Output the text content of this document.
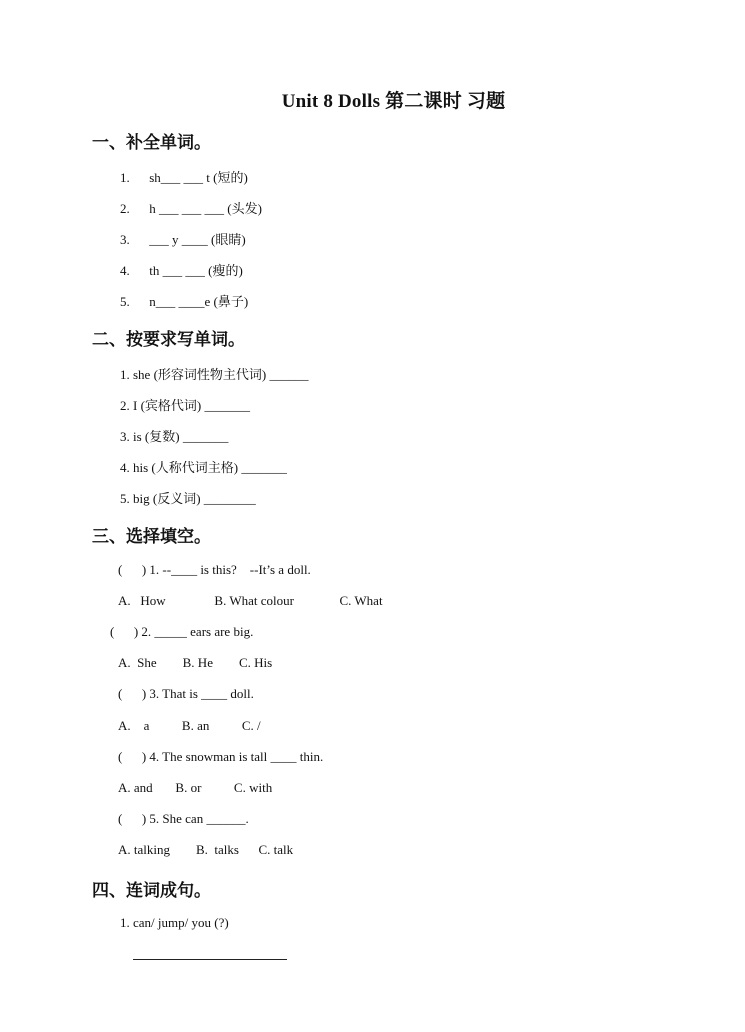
Unit 8 Dolls 第二课时 习题
一、补全单词。
1.      sh___ ___ t (短的)
2.      h ___ ___ ___ (头发)
3.      ___ y ____ (眼睛)
4.      th ___ ___ (瘦的)
5.      n___ ____e (鼻子)
二、按要求写单词。
1. she (形容词性物主代词) ______
2. I (宾格代词) _______
3. is (复数) _______
4. his (人称代词主格) _______
5. big (反义词) ________
三、选择填空。
(      ) 1. --____ is this?    --It’s a doll.
A.   How               B. What colour              C. What
(      ) 2. _____ ears are big.
A.  She        B. He        C. His
(      ) 3. That is ____ doll.
A.    a          B. an          C. /
(      ) 4. The snowman is tall ____ thin.
A. and       B. or          C. with
(      ) 5. She can ______.
A. talking        B.  talks      C. talk
四、连词成句。
1. can/ jump/ you (?)
